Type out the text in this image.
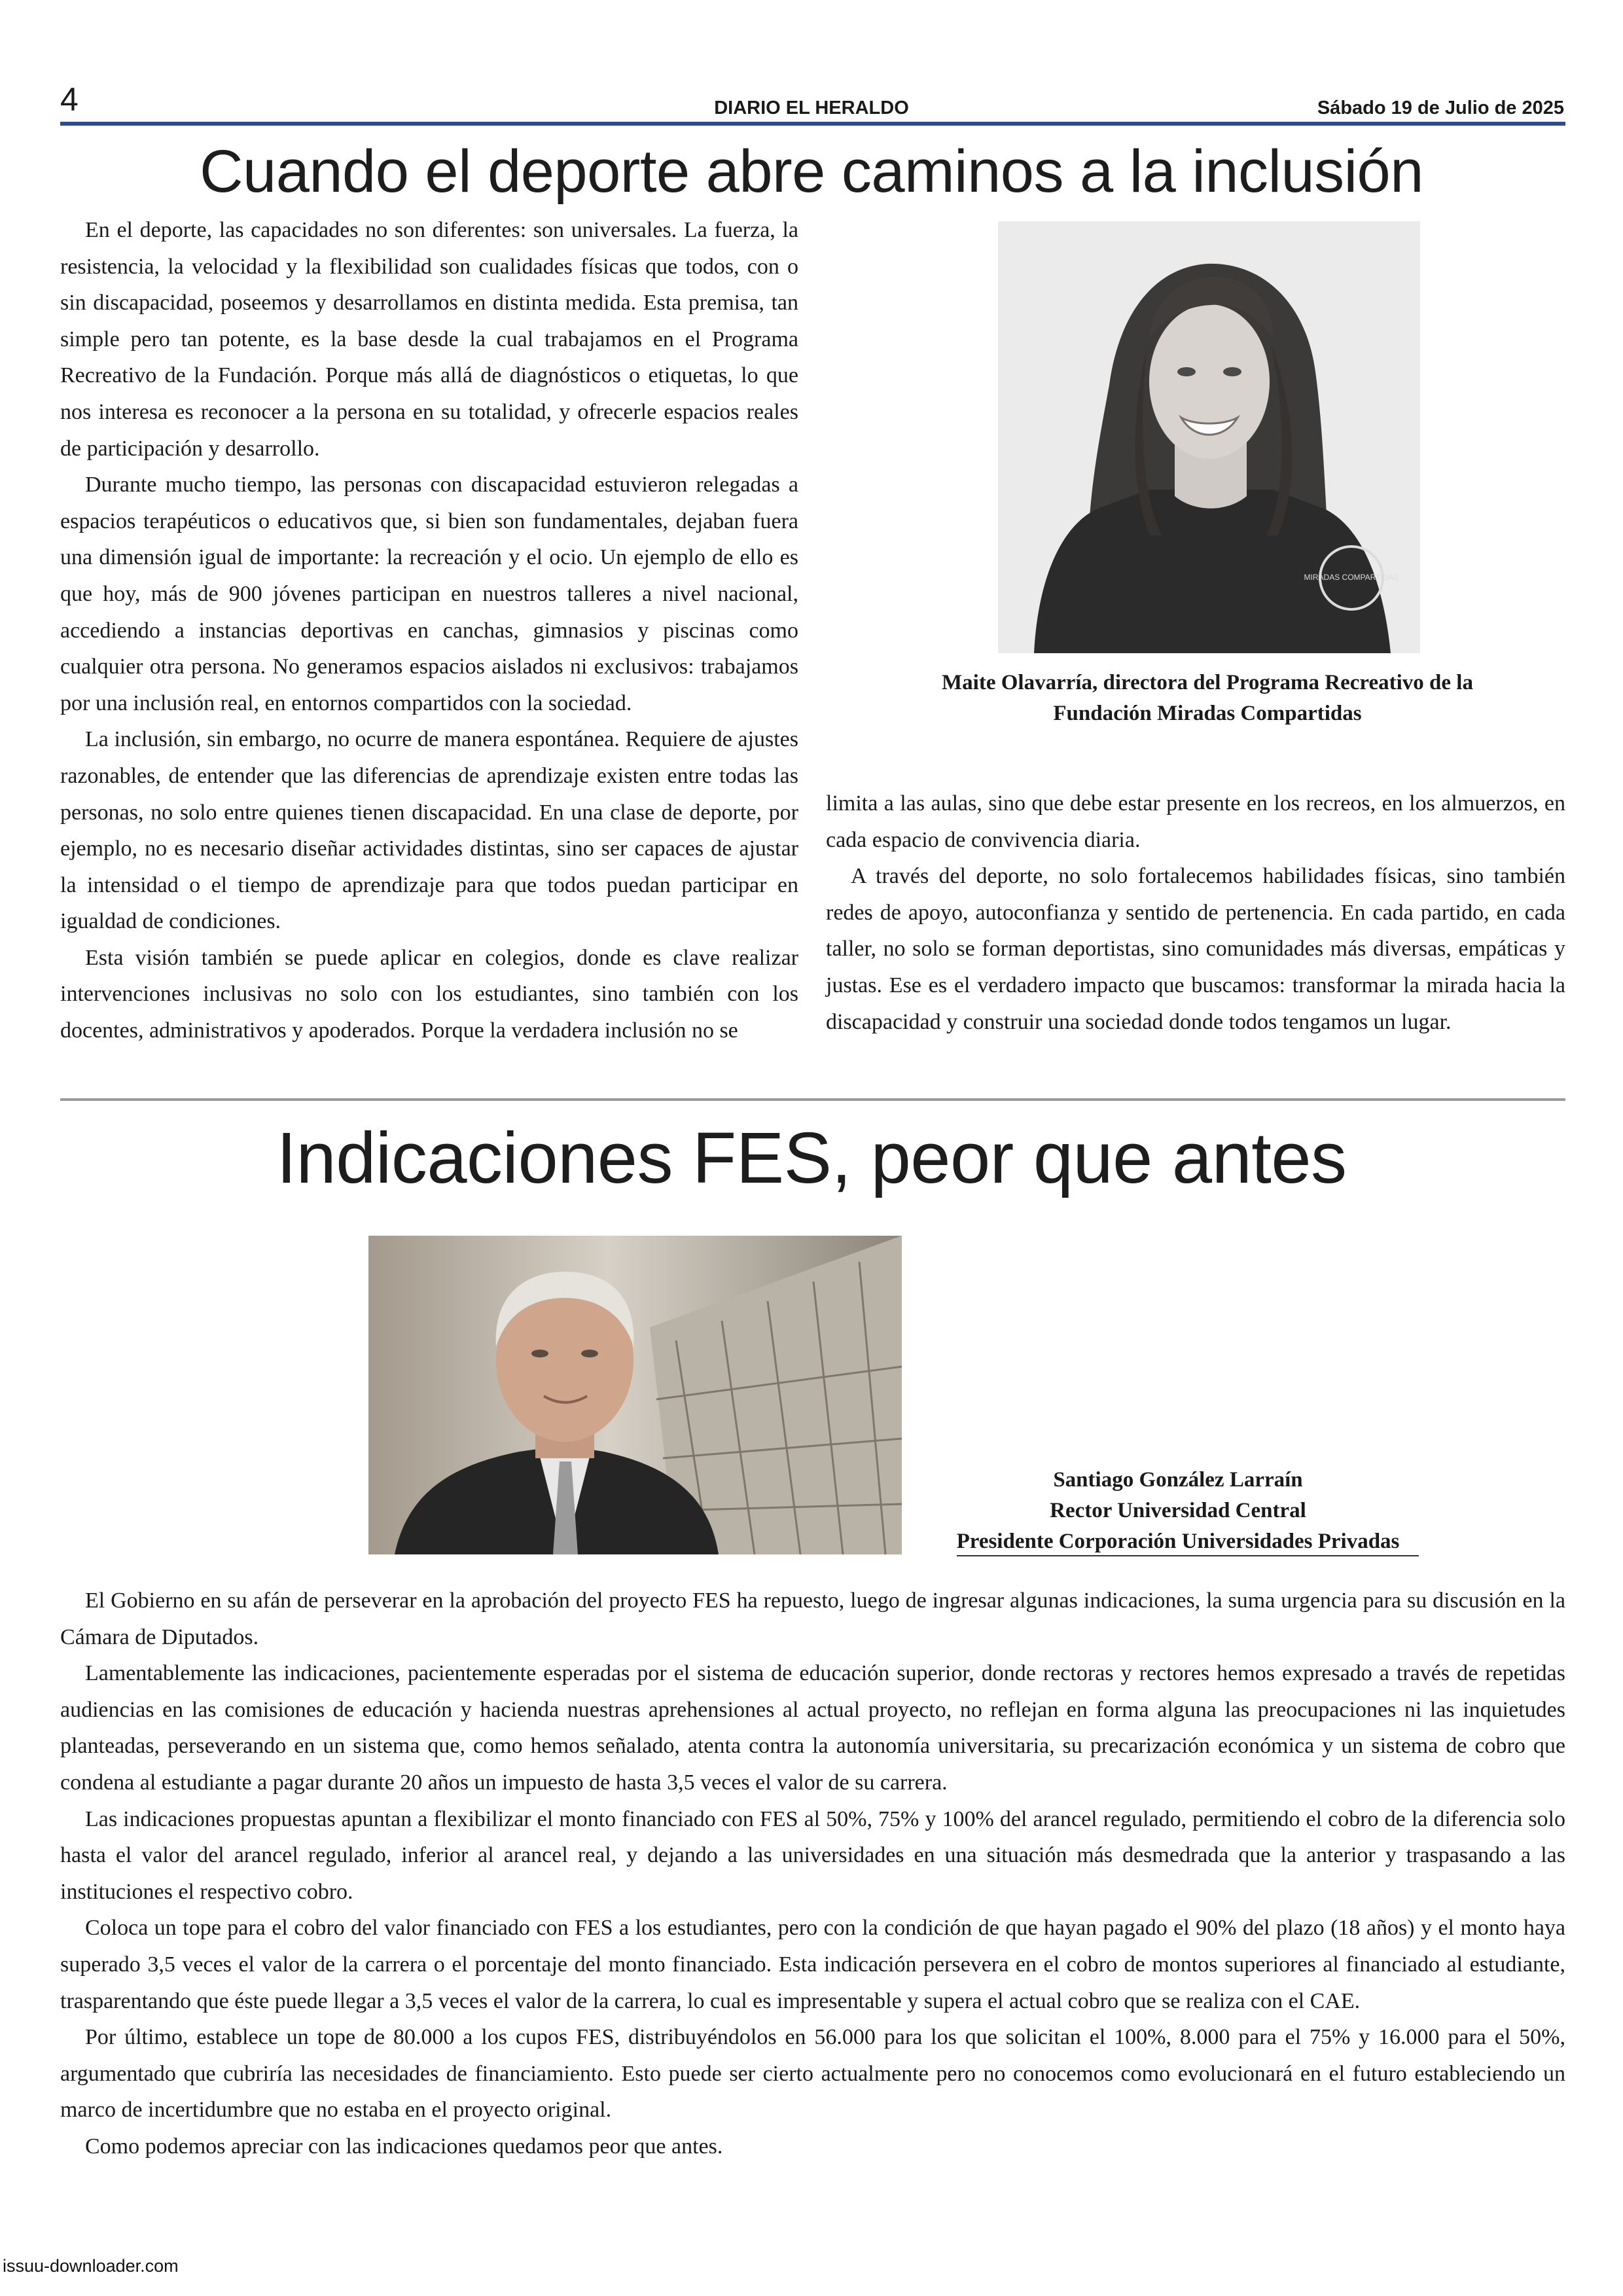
4	DIARIO EL HERALDO	Sábado 19 de Julio de 2025
Cuando el deporte abre caminos a la inclusión

En el deporte, las capacidades no son diferentes: son universales. La fuerza, la resistencia, la velocidad y la flexibilidad son cualidades físicas que todos, con o sin discapacidad, poseemos y desarrollamos en distinta medida. Esta premisa, tan simple pero tan potente, es la base desde la cual trabajamos en el Programa Recreativo de la Fundación. Porque más allá de diagnósticos o etiquetas, lo que nos interesa es reconocer a la persona en su totalidad, y ofrecerle espacios reales de participación y desarrollo.

Durante mucho tiempo, las personas con discapacidad estuvieron relegadas a espacios terapéuticos o educativos que, si bien son fundamentales, dejaban fuera una dimensión igual de importante: la recreación y el ocio. Un ejemplo de ello es que hoy, más de 900 jóvenes participan en nuestros talleres a nivel nacional, accediendo a instancias deportivas en canchas, gimnasios y piscinas como cualquier otra persona. No generamos espacios aislados ni exclusivos: trabajamos por una inclusión real, en entornos compartidos con la sociedad.

La inclusión, sin embargo, no ocurre de manera espontánea. Requiere de ajustes razonables, de entender que las diferencias de aprendizaje existen entre todas las personas, no solo entre quienes tienen discapacidad. En una clase de deporte, por ejemplo, no es necesario diseñar actividades distintas, sino ser capaces de ajustar la intensidad o el tiempo de aprendizaje para que todos puedan participar en igualdad de condiciones.

Esta visión también se puede aplicar en colegios, donde es clave realizar intervenciones inclusivas no solo con los estudiantes, sino también con los docentes, administrativos y apoderados. Porque la verdadera inclusión no se

MIRADAS COMPARTIDAS
Maite Olavarría, directora del Programa Recreativo de la
Fundación Miradas Compartidas

limita a las aulas, sino que debe estar presente en los recreos, en los almuerzos, en cada espacio de convivencia diaria.

A través del deporte, no solo fortalecemos habilidades físicas, sino también redes de apoyo, autoconfianza y sentido de pertenencia. En cada partido, en cada taller, no solo se forman deportistas, sino comunidades más diversas, empáticas y justas. Ese es el verdadero impacto que buscamos: transformar la mirada hacia la discapacidad y construir una sociedad donde todos tengamos un lugar.

Indicaciones FES, peor que antes
Santiago González Larraín
Rector Universidad Central
Presidente Corporación Universidades Privadas

El Gobierno en su afán de perseverar en la aprobación del proyecto FES ha repuesto, luego de ingresar algunas indicaciones, la suma urgencia para su discusión en la Cámara de Diputados.

Lamentablemente las indicaciones, pacientemente esperadas por el sistema de educación superior, donde rectoras y rectores hemos expresado a través de repetidas audiencias en las comisiones de educación y hacienda nuestras aprehensiones al actual proyecto, no reflejan en forma alguna las preocupaciones ni las inquietudes planteadas, perseverando en un sistema que, como hemos señalado, atenta contra la autonomía universitaria, su precarización económica y un sistema de cobro que condena al estudiante a pagar durante 20 años un impuesto de hasta 3,5 veces el valor de su carrera.

Las indicaciones propuestas apuntan a flexibilizar el monto financiado con FES al 50%, 75% y 100% del arancel regulado, permitiendo el cobro de la diferencia solo hasta el valor del arancel regulado, inferior al arancel real, y dejando a las universidades en una situación más desmedrada que la anterior y traspasando a las instituciones el respectivo cobro.

Coloca un tope para el cobro del valor financiado con FES a los estudiantes, pero con la condición de que hayan pagado el 90% del plazo (18 años) y el monto haya superado 3,5 veces el valor de la carrera o el porcentaje del monto financiado. Esta indicación persevera en el cobro de montos superiores al financiado al estudiante, trasparentando que éste puede llegar a 3,5 veces el valor de la carrera, lo cual es impresentable y supera el actual cobro que se realiza con el CAE.

Por último, establece un tope de 80.000 a los cupos FES, distribuyéndolos en 56.000 para los que solicitan el 100%, 8.000 para el 75% y 16.000 para el 50%, argumentado que cubriría las necesidades de financiamiento. Esto puede ser cierto actualmente pero no conocemos como evolucionará en el futuro estableciendo un marco de incertidumbre que no estaba en el proyecto original.

Como podemos apreciar con las indicaciones quedamos peor que antes.

issuu-downloader.com
